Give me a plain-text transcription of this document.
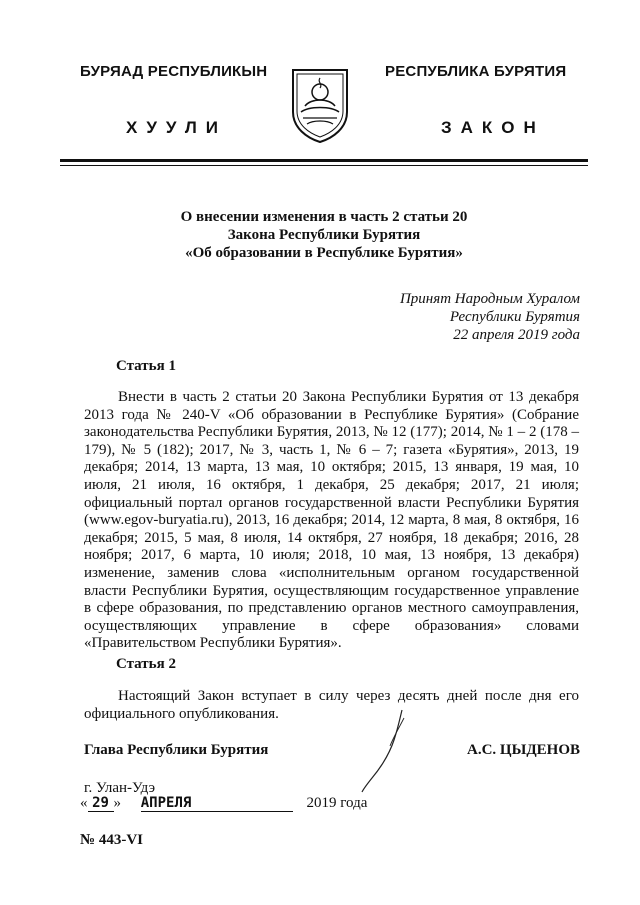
БУРЯАД РЕСПУБЛИКЫН
ХУУЛИ
РЕСПУБЛИКА БУРЯТИЯ
ЗАКОН
О внесении изменения в часть 2 статьи 20
Закона Республики Бурятия
«Об образовании в Республике Бурятия»
Принят Народным Хуралом
Республики Бурятия
22 апреля 2019 года
Статья 1

Внести в часть 2 статьи 20 Закона Республики Бурятия от 13 декабря 2013 года № 240-V «Об образовании в Республике Бурятия» (Собрание законодательства Республики Бурятия, 2013, № 12 (177); 2014, № 1 – 2 (178 – 179), № 5 (182); 2017, № 3, часть 1, № 6 – 7; газета «Бурятия», 2013, 19 декабря; 2014, 13 марта, 13 мая, 10 октября; 2015, 13 января, 19 мая, 10 июля, 21 июля, 16 октября, 1 декабря, 25 декабря; 2017, 21 июля; официальный портал органов государственной власти Республики Бурятия (www.egov-buryatia.ru), 2013, 16 декабря; 2014, 12 марта, 8 мая, 8 октября, 16 декабря; 2015, 5 мая, 8 июля, 14 октября, 27 ноября, 18 декабря; 2016, 28 ноября; 2017, 6 марта, 10 июля; 2018, 10 мая, 13 ноября, 13 декабря) изменение, заменив слова «исполнительным органом государственной власти Республики Бурятия, осуществляющим государственное управление в сфере образования, по представлению органов местного самоуправления, осуществляющих управление в сфере образования» словами «Правительством Республики Бурятия».

Статья 2

Настоящий Закон вступает в силу через десять дней после дня его официального опубликования.

Глава Республики Бурятия	А.С. ЦЫДЕНОВ
г. Улан-Удэ
« 29 » АПРЕЛЯ	2019 года
№ 443-VI
